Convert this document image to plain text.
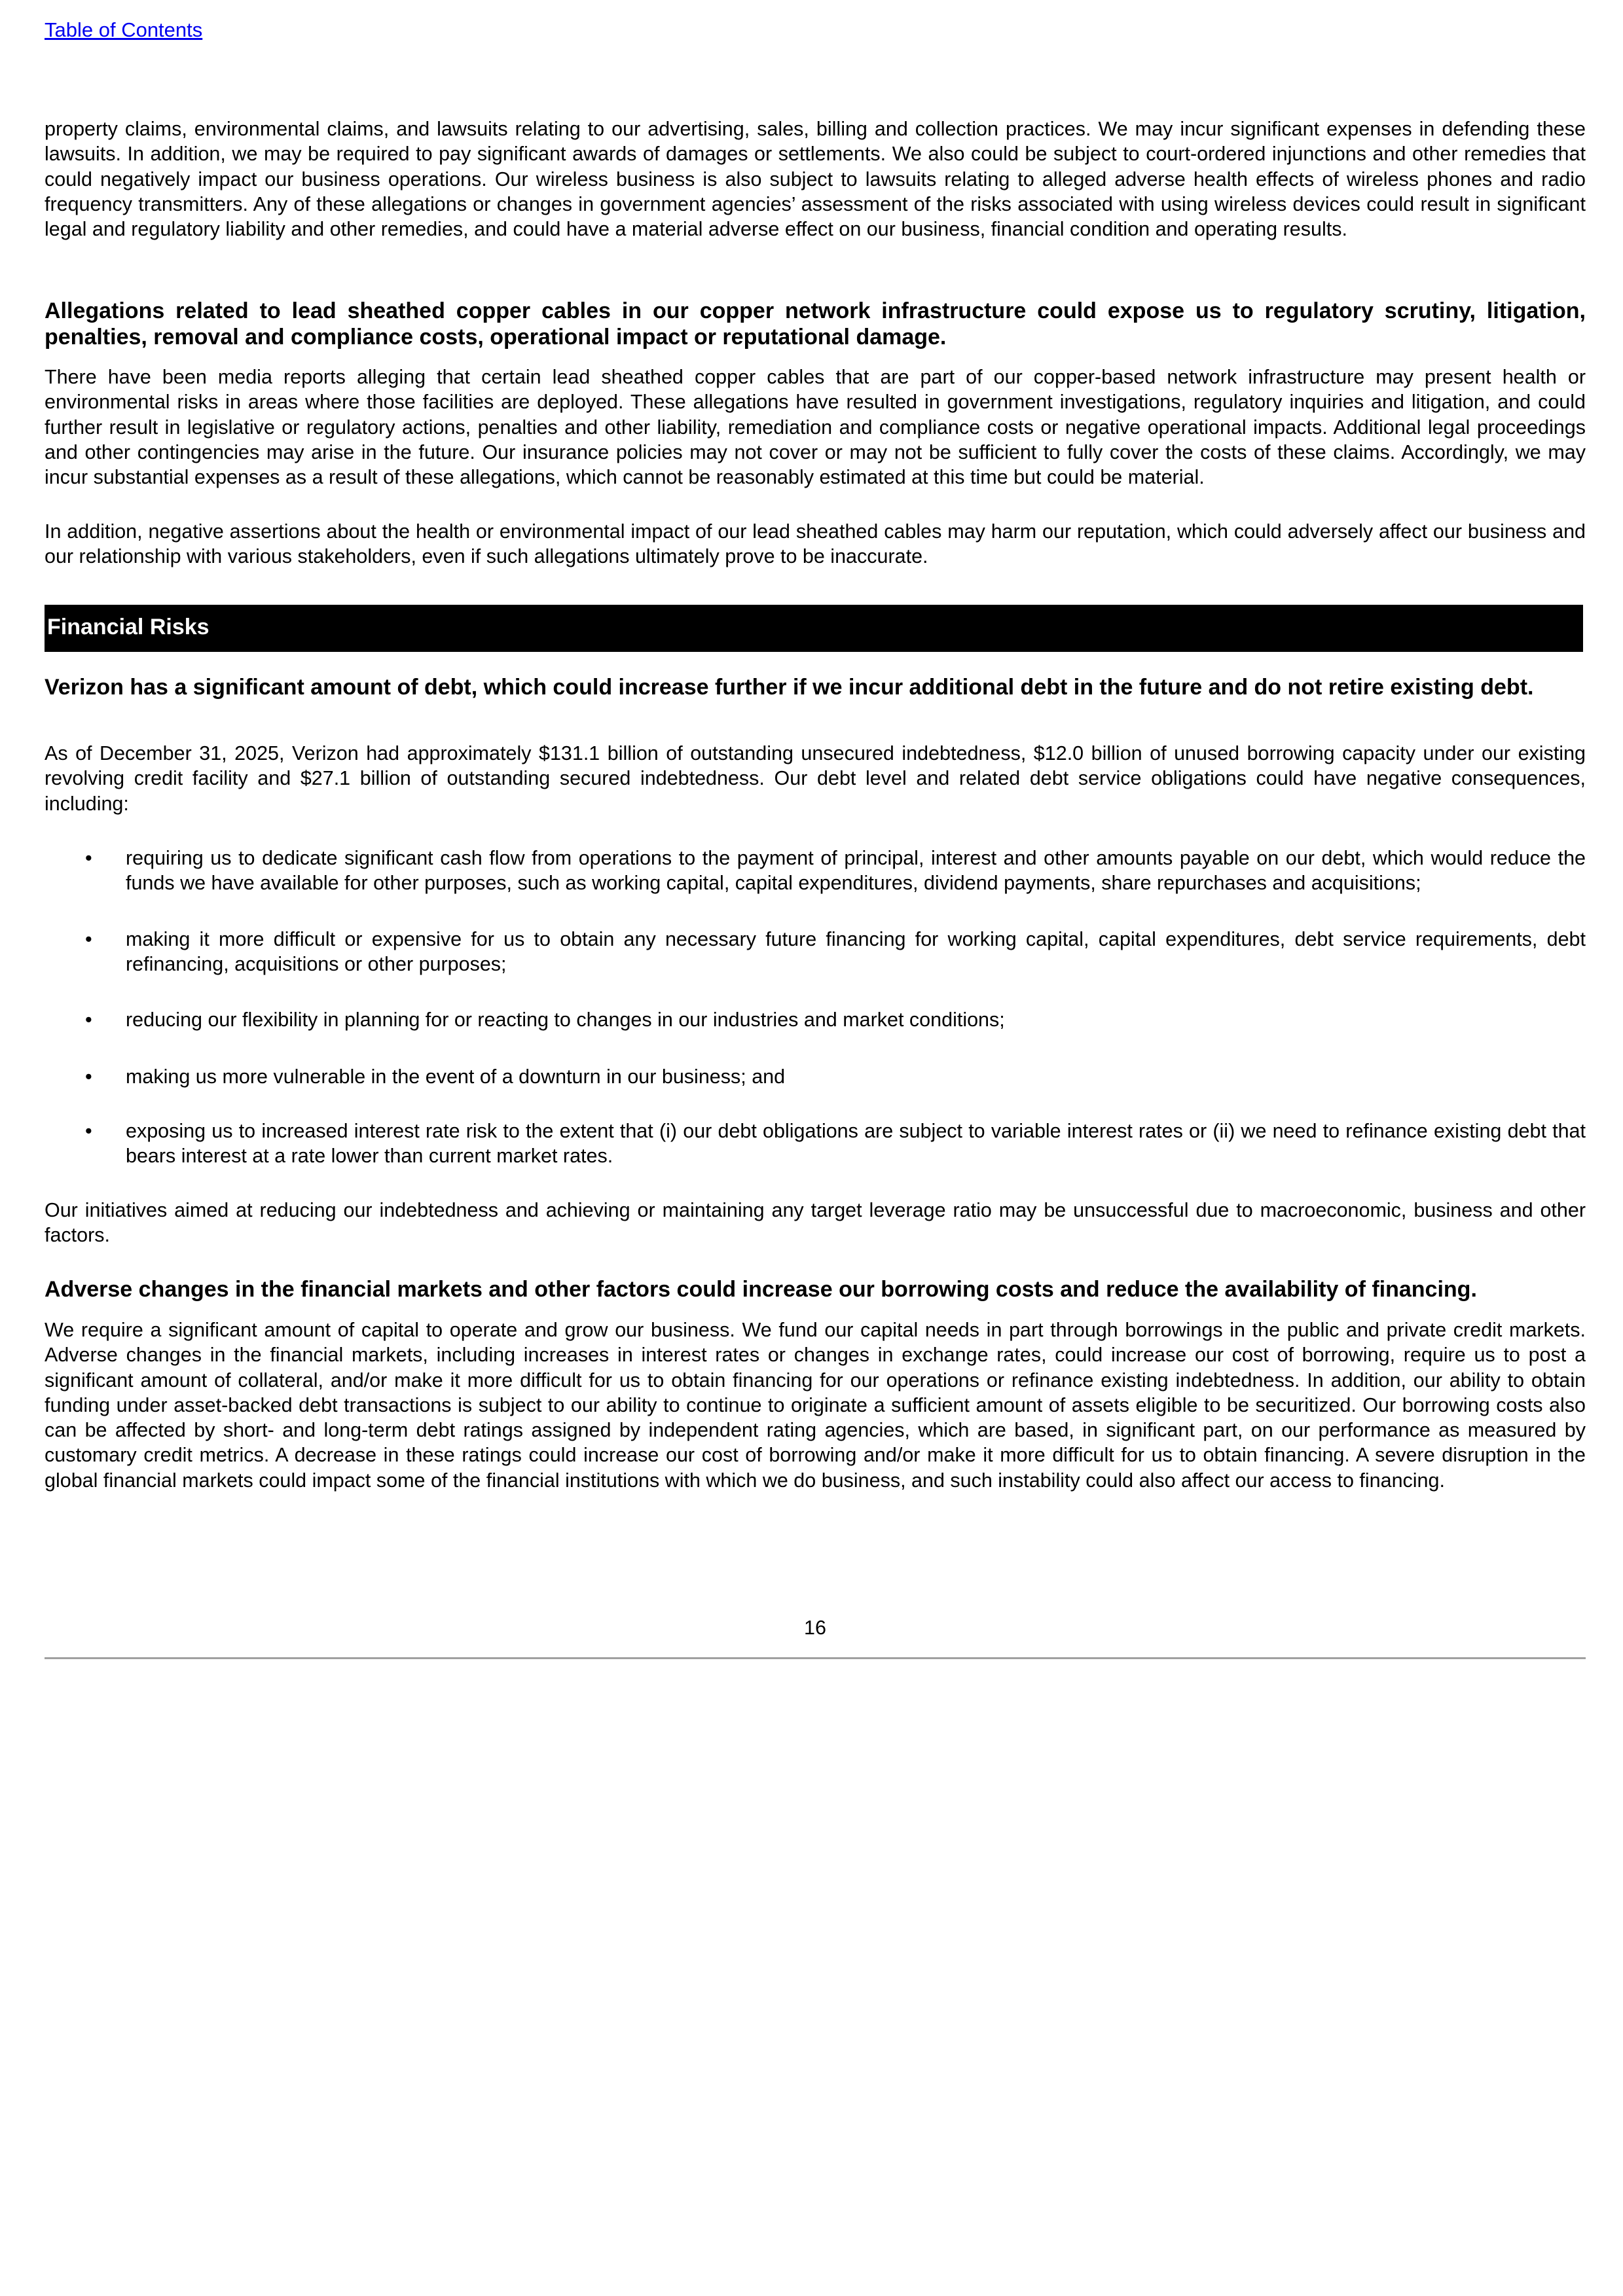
Table of Contents

property claims, environmental claims, and lawsuits relating to our advertising, sales, billing and collection practices. We may incur significant expenses in defending these lawsuits. In addition, we may be required to pay significant awards of damages or settlements. We also could be subject to court-ordered injunctions and other remedies that could negatively impact our business operations. Our wireless business is also subject to lawsuits relating to alleged adverse health effects of wireless phones and radio frequency transmitters. Any of these allegations or changes in government agencies’ assessment of the risks associated with using wireless devices could result in significant legal and regulatory liability and other remedies, and could have a material adverse effect on our business, financial condition and operating results.

Allegations related to lead sheathed copper cables in our copper network infrastructure could expose us to regulatory scrutiny, litigation, penalties, removal and compliance costs, operational impact or reputational damage.

There have been media reports alleging that certain lead sheathed copper cables that are part of our copper-based network infrastructure may present health or environmental risks in areas where those facilities are deployed. These allegations have resulted in government investigations, regulatory inquiries and litigation, and could further result in legislative or regulatory actions, penalties and other liability, remediation and compliance costs or negative operational impacts. Additional legal proceedings and other contingencies may arise in the future. Our insurance policies may not cover or may not be sufficient to fully cover the costs of these claims. Accordingly, we may incur substantial expenses as a result of these allegations, which cannot be reasonably estimated at this time but could be material.

In addition, negative assertions about the health or environmental impact of our lead sheathed cables may harm our reputation, which could adversely affect our business and our relationship with various stakeholders, even if such allegations ultimately prove to be inaccurate.

Financial Risks
Verizon has a significant amount of debt, which could increase further if we incur additional debt in the future and do not retire existing debt.

As of December 31, 2025, Verizon had approximately $131.1 billion of outstanding unsecured indebtedness, $12.0 billion of unused borrowing capacity under our existing revolving credit facility and $27.1 billion of outstanding secured indebtedness. Our debt level and related debt service obligations could have negative consequences, including:

• requiring us to dedicate significant cash flow from operations to the payment of principal, interest and other amounts payable on our debt, which would reduce the funds we have available for other purposes, such as working capital, capital expenditures, dividend payments, share repurchases and acquisitions;

• making it more difficult or expensive for us to obtain any necessary future financing for working capital, capital expenditures, debt service requirements, debt refinancing, acquisitions or other purposes;

• reducing our flexibility in planning for or reacting to changes in our industries and market conditions;

• making us more vulnerable in the event of a downturn in our business; and

• exposing us to increased interest rate risk to the extent that (i) our debt obligations are subject to variable interest rates or (ii) we need to refinance existing debt that bears interest at a rate lower than current market rates.

Our initiatives aimed at reducing our indebtedness and achieving or maintaining any target leverage ratio may be unsuccessful due to macroeconomic, business and other factors.

Adverse changes in the financial markets and other factors could increase our borrowing costs and reduce the availability of financing.

We require a significant amount of capital to operate and grow our business. We fund our capital needs in part through borrowings in the public and private credit markets. Adverse changes in the financial markets, including increases in interest rates or changes in exchange rates, could increase our cost of borrowing, require us to post a significant amount of collateral, and/or make it more difficult for us to obtain financing for our operations or refinance existing indebtedness. In addition, our ability to obtain funding under asset-backed debt transactions is subject to our ability to continue to originate a sufficient amount of assets eligible to be securitized. Our borrowing costs also can be affected by short- and long-term debt ratings assigned by independent rating agencies, which are based, in significant part, on our performance as measured by customary credit metrics. A decrease in these ratings could increase our cost of borrowing and/or make it more difficult for us to obtain financing. A severe disruption in the global financial markets could impact some of the financial institutions with which we do business, and such instability could also affect our access to financing.

16
